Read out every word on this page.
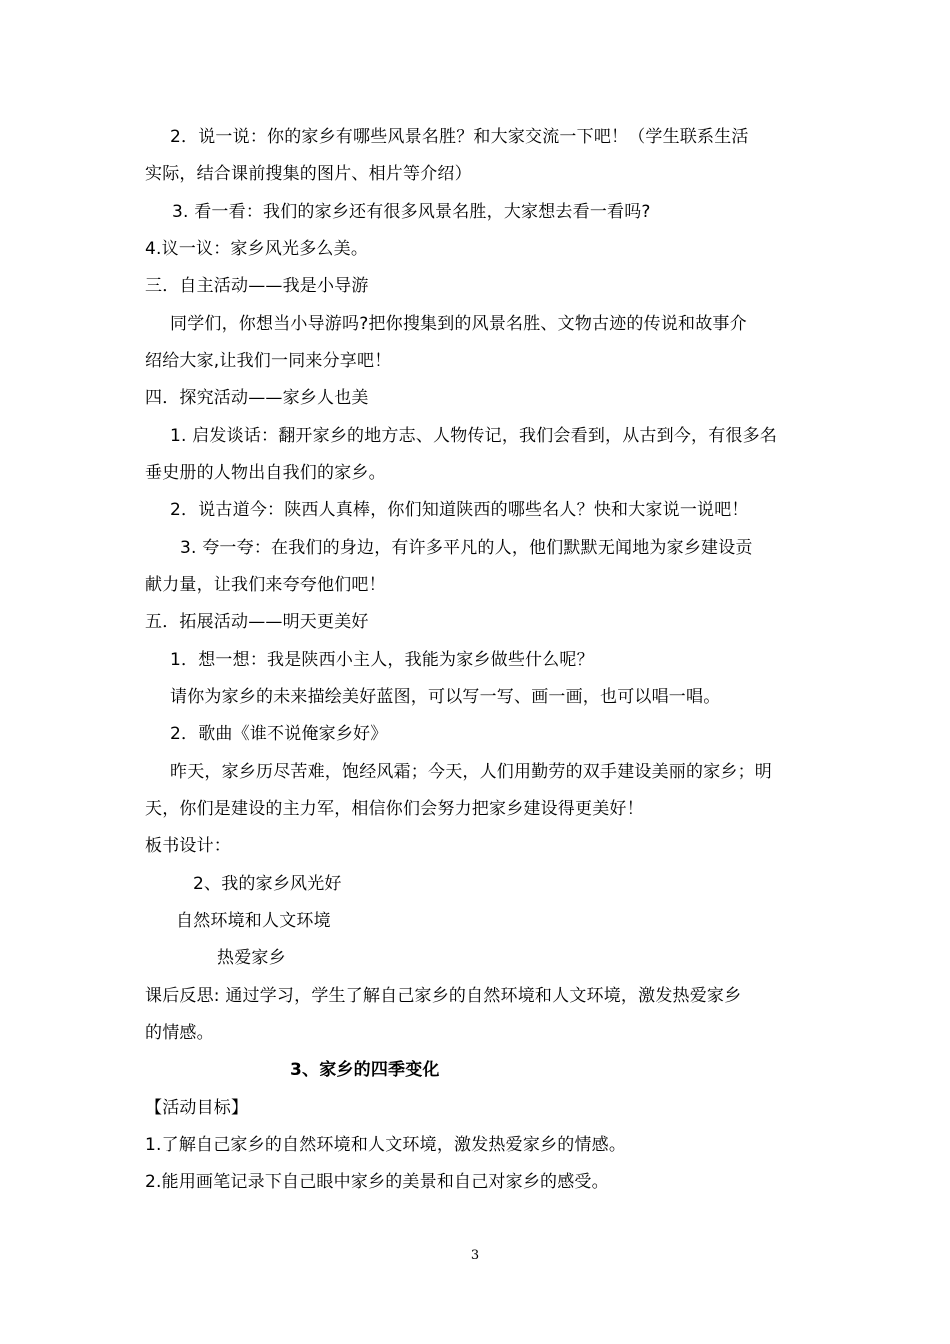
2．说一说：你的家乡有哪些风景名胜？和大家交流一下吧！（学生联系生活
实际，结合课前搜集的图片、相片等介绍）
3. 看一看：我们的家乡还有很多风景名胜，大家想去看一看吗?
4.议一议：家乡风光多么美。
三．自主活动——我是小导游
同学们，你想当小导游吗?把你搜集到的风景名胜、文物古迹的传说和故事介
绍给大家,让我们一同来分享吧！
四．探究活动——家乡人也美
1. 启发谈话：翻开家乡的地方志、人物传记，我们会看到，从古到今，有很多名
垂史册的人物出自我们的家乡。
2．说古道今：陕西人真棒，你们知道陕西的哪些名人？快和大家说一说吧！
3. 夸一夸：在我们的身边，有许多平凡的人，他们默默无闻地为家乡建设贡
献力量，让我们来夸夸他们吧！
五．拓展活动——明天更美好
1．想一想：我是陕西小主人，我能为家乡做些什么呢？
请你为家乡的未来描绘美好蓝图，可以写一写、画一画，也可以唱一唱。
2．歌曲《谁不说俺家乡好》
昨天，家乡历尽苦难，饱经风霜；今天，人们用勤劳的双手建设美丽的家乡；明
天，你们是建设的主力军，相信你们会努力把家乡建设得更美好！
板书设计：
2、我的家乡风光好
自然环境和人文环境
热爱家乡
课后反思: 通过学习，学生了解自己家乡的自然环境和人文环境，激发热爱家乡
的情感。
3、家乡的四季变化
【活动目标】
1.了解自己家乡的自然环境和人文环境，激发热爱家乡的情感。
2.能用画笔记录下自己眼中家乡的美景和自己对家乡的感受。
3
